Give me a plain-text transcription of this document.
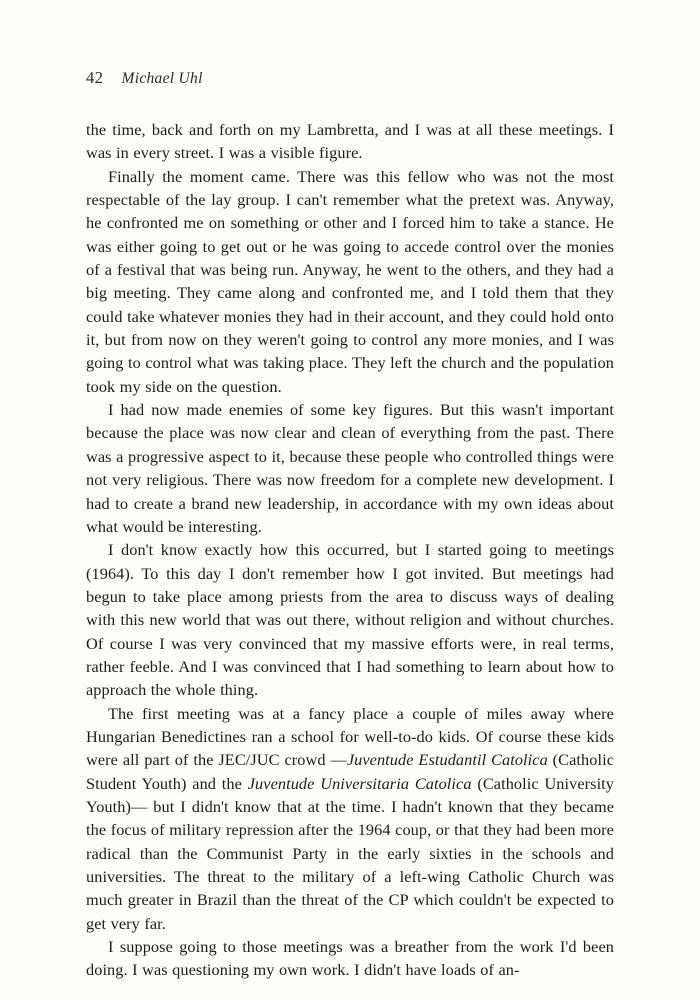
42 Michael Uhl

the time, back and forth on my Lambretta, and I was at all these meetings. I was in every street. I was a visible figure.

Finally the moment came. There was this fellow who was not the most respectable of the lay group. I can't remember what the pretext was. Anyway, he confronted me on something or other and I forced him to take a stance. He was either going to get out or he was going to accede control over the monies of a festival that was being run. Anyway, he went to the others, and they had a big meeting. They came along and confronted me, and I told them that they could take whatever monies they had in their account, and they could hold onto it, but from now on they weren't going to control any more monies, and I was going to control what was taking place. They left the church and the population took my side on the question.

I had now made enemies of some key figures. But this wasn't important because the place was now clear and clean of everything from the past. There was a progressive aspect to it, because these people who controlled things were not very religious. There was now freedom for a complete new development. I had to create a brand new leadership, in accordance with my own ideas about what would be interesting.

I don't know exactly how this occurred, but I started going to meetings (1964). To this day I don't remember how I got invited. But meetings had begun to take place among priests from the area to discuss ways of dealing with this new world that was out there, without religion and without churches. Of course I was very convinced that my massive efforts were, in real terms, rather feeble. And I was convinced that I had something to learn about how to approach the whole thing.

The first meeting was at a fancy place a couple of miles away where Hungarian Benedictines ran a school for well-to-do kids. Of course these kids were all part of the JEC/JUC crowd —Juventude Estudantil Catolica (Catholic Student Youth) and the Juventude Universitaria Catolica (Catholic University Youth)— but I didn't know that at the time. I hadn't known that they became the focus of military repression after the 1964 coup, or that they had been more radical than the Communist Party in the early sixties in the schools and universities. The threat to the military of a left-wing Catholic Church was much greater in Brazil than the threat of the CP which couldn't be expected to get very far.

I suppose going to those meetings was a breather from the work I'd been doing. I was questioning my own work. I didn't have loads of an-
